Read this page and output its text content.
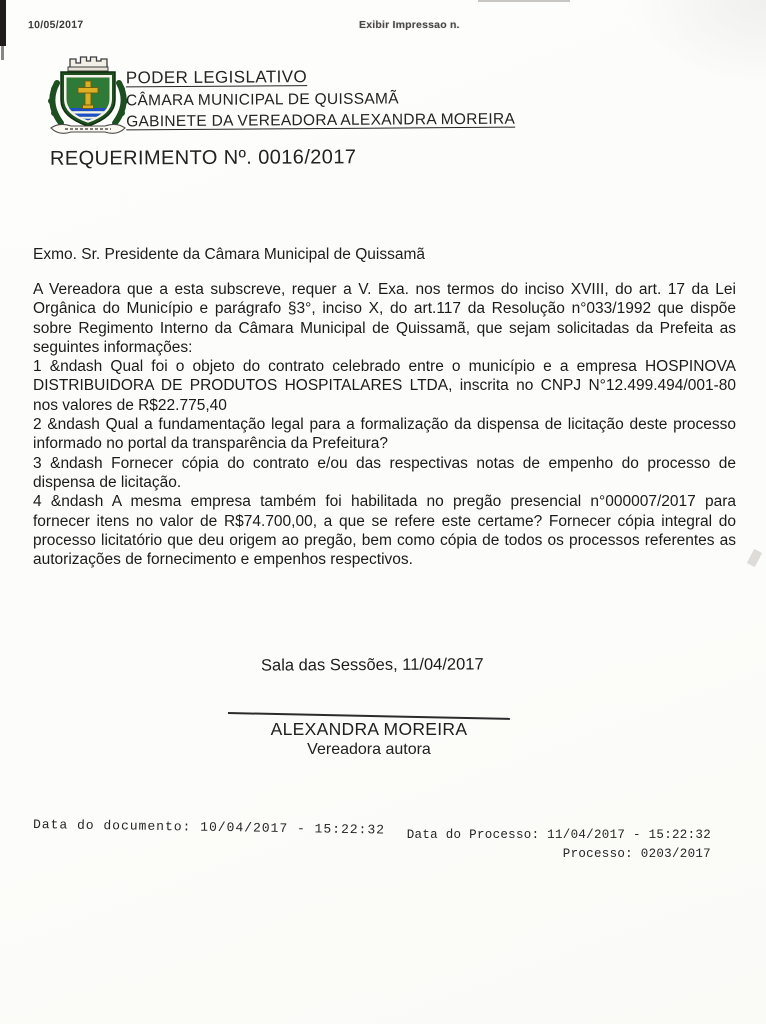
10/05/2017	Exibir Impressao n.
PODER LEGISLATIVO
CÂMARA MUNICIPAL DE QUISSAMÃ
GABINETE DA VEREADORA ALEXANDRA MOREIRA
REQUERIMENTO Nº. 0016/2017
Exmo. Sr. Presidente da Câmara Municipal de Quissamã

A Vereadora que a esta subscreve, requer a V. Exa. nos termos do inciso XVIII, do art. 17 da Lei Orgânica do Município e parágrafo §3°, inciso X, do art.117 da Resolução n°033/1992 que dispõe sobre Regimento Interno da Câmara Municipal de Quissamã, que sejam solicitadas da Prefeita as seguintes informações:

1 &ndash Qual foi o objeto do contrato celebrado entre o município e a empresa HOSPINOVA DISTRIBUIDORA DE PRODUTOS HOSPITALARES LTDA, inscrita no CNPJ N°12.499.494/001-80 nos valores de R$22.775,40

2 &ndash Qual a fundamentação legal para a formalização da dispensa de licitação deste processo informado no portal da transparência da Prefeitura?

3 &ndash Fornecer cópia do contrato e/ou das respectivas notas de empenho do processo de dispensa de licitação.

4 &ndash A mesma empresa também foi habilitada no pregão presencial n°000007/2017 para fornecer itens no valor de R$74.700,00, a que se refere este certame? Fornecer cópia integral do processo licitatório que deu origem ao pregão, bem como cópia de todos os processos referentes as autorizações de fornecimento e empenhos respectivos.

Sala das Sessões, 11/04/2017
ALEXANDRA MOREIRA
Vereadora autora
Data do documento: 10/04/2017 - 15:22:32 Data do Processo: 11/04/2017 - 15:22:32
Processo: 0203/2017
